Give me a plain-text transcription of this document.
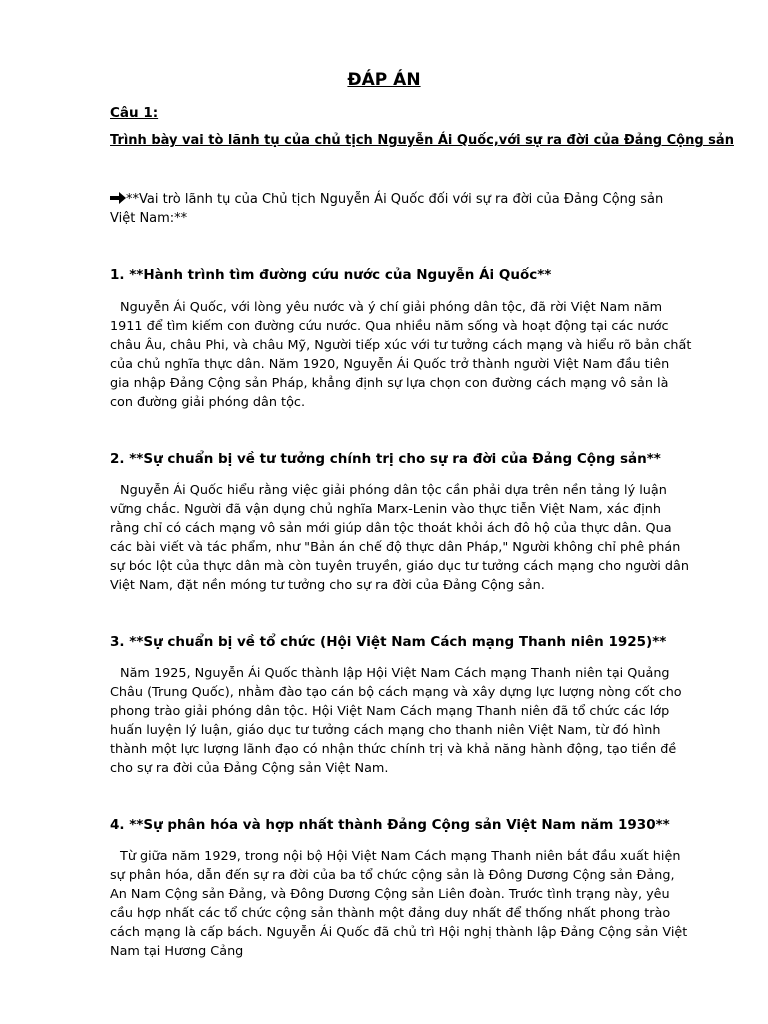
ĐÁP ÁN
Câu 1:
Trình bày vai tò lãnh tụ của chủ tịch Nguyễn Ái Quốc,với sự ra đời của Đảng Cộng sản
**Vai trò lãnh tụ của Chủ tịch Nguyễn Ái Quốc đối với sự ra đời của Đảng Cộng sản Việt Nam:**
1. **Hành trình tìm đường cứu nước của Nguyễn Ái Quốc**
Nguyễn Ái Quốc, với lòng yêu nước và ý chí giải phóng dân tộc, đã rời Việt Nam năm 1911 để tìm kiếm con đường cứu nước. Qua nhiều năm sống và hoạt động tại các nước châu Âu, châu Phi, và châu Mỹ, Người tiếp xúc với tư tưởng cách mạng và hiểu rõ bản chất của chủ nghĩa thực dân. Năm 1920, Nguyễn Ái Quốc trở thành người Việt Nam đầu tiên gia nhập Đảng Cộng sản Pháp, khẳng định sự lựa chọn con đường cách mạng vô sản là con đường giải phóng dân tộc.
2. **Sự chuẩn bị về tư tưởng chính trị cho sự ra đời của Đảng Cộng sản**
Nguyễn Ái Quốc hiểu rằng việc giải phóng dân tộc cần phải dựa trên nền tảng lý luận vững chắc. Người đã vận dụng chủ nghĩa Marx-Lenin vào thực tiễn Việt Nam, xác định rằng chỉ có cách mạng vô sản mới giúp dân tộc thoát khỏi ách đô hộ của thực dân. Qua các bài viết và tác phẩm, như "Bản án chế độ thực dân Pháp," Người không chỉ phê phán sự bóc lột của thực dân mà còn tuyên truyền, giáo dục tư tưởng cách mạng cho người dân Việt Nam, đặt nền móng tư tưởng cho sự ra đời của Đảng Cộng sản.
3. **Sự chuẩn bị về tổ chức (Hội Việt Nam Cách mạng Thanh niên 1925)**
Năm 1925, Nguyễn Ái Quốc thành lập Hội Việt Nam Cách mạng Thanh niên tại Quảng Châu (Trung Quốc), nhằm đào tạo cán bộ cách mạng và xây dựng lực lượng nòng cốt cho phong trào giải phóng dân tộc. Hội Việt Nam Cách mạng Thanh niên đã tổ chức các lớp huấn luyện lý luận, giáo dục tư tưởng cách mạng cho thanh niên Việt Nam, từ đó hình thành một lực lượng lãnh đạo có nhận thức chính trị và khả năng hành động, tạo tiền đề cho sự ra đời của Đảng Cộng sản Việt Nam.
4. **Sự phân hóa và hợp nhất thành Đảng Cộng sản Việt Nam năm 1930**
Từ giữa năm 1929, trong nội bộ Hội Việt Nam Cách mạng Thanh niên bắt đầu xuất hiện sự phân hóa, dẫn đến sự ra đời của ba tổ chức cộng sản là Đông Dương Cộng sản Đảng, An Nam Cộng sản Đảng, và Đông Dương Cộng sản Liên đoàn. Trước tình trạng này, yêu cầu hợp nhất các tổ chức cộng sản thành một đảng duy nhất để thống nhất phong trào cách mạng là cấp bách. Nguyễn Ái Quốc đã chủ trì Hội nghị thành lập Đảng Cộng sản Việt Nam tại Hương Cảng
